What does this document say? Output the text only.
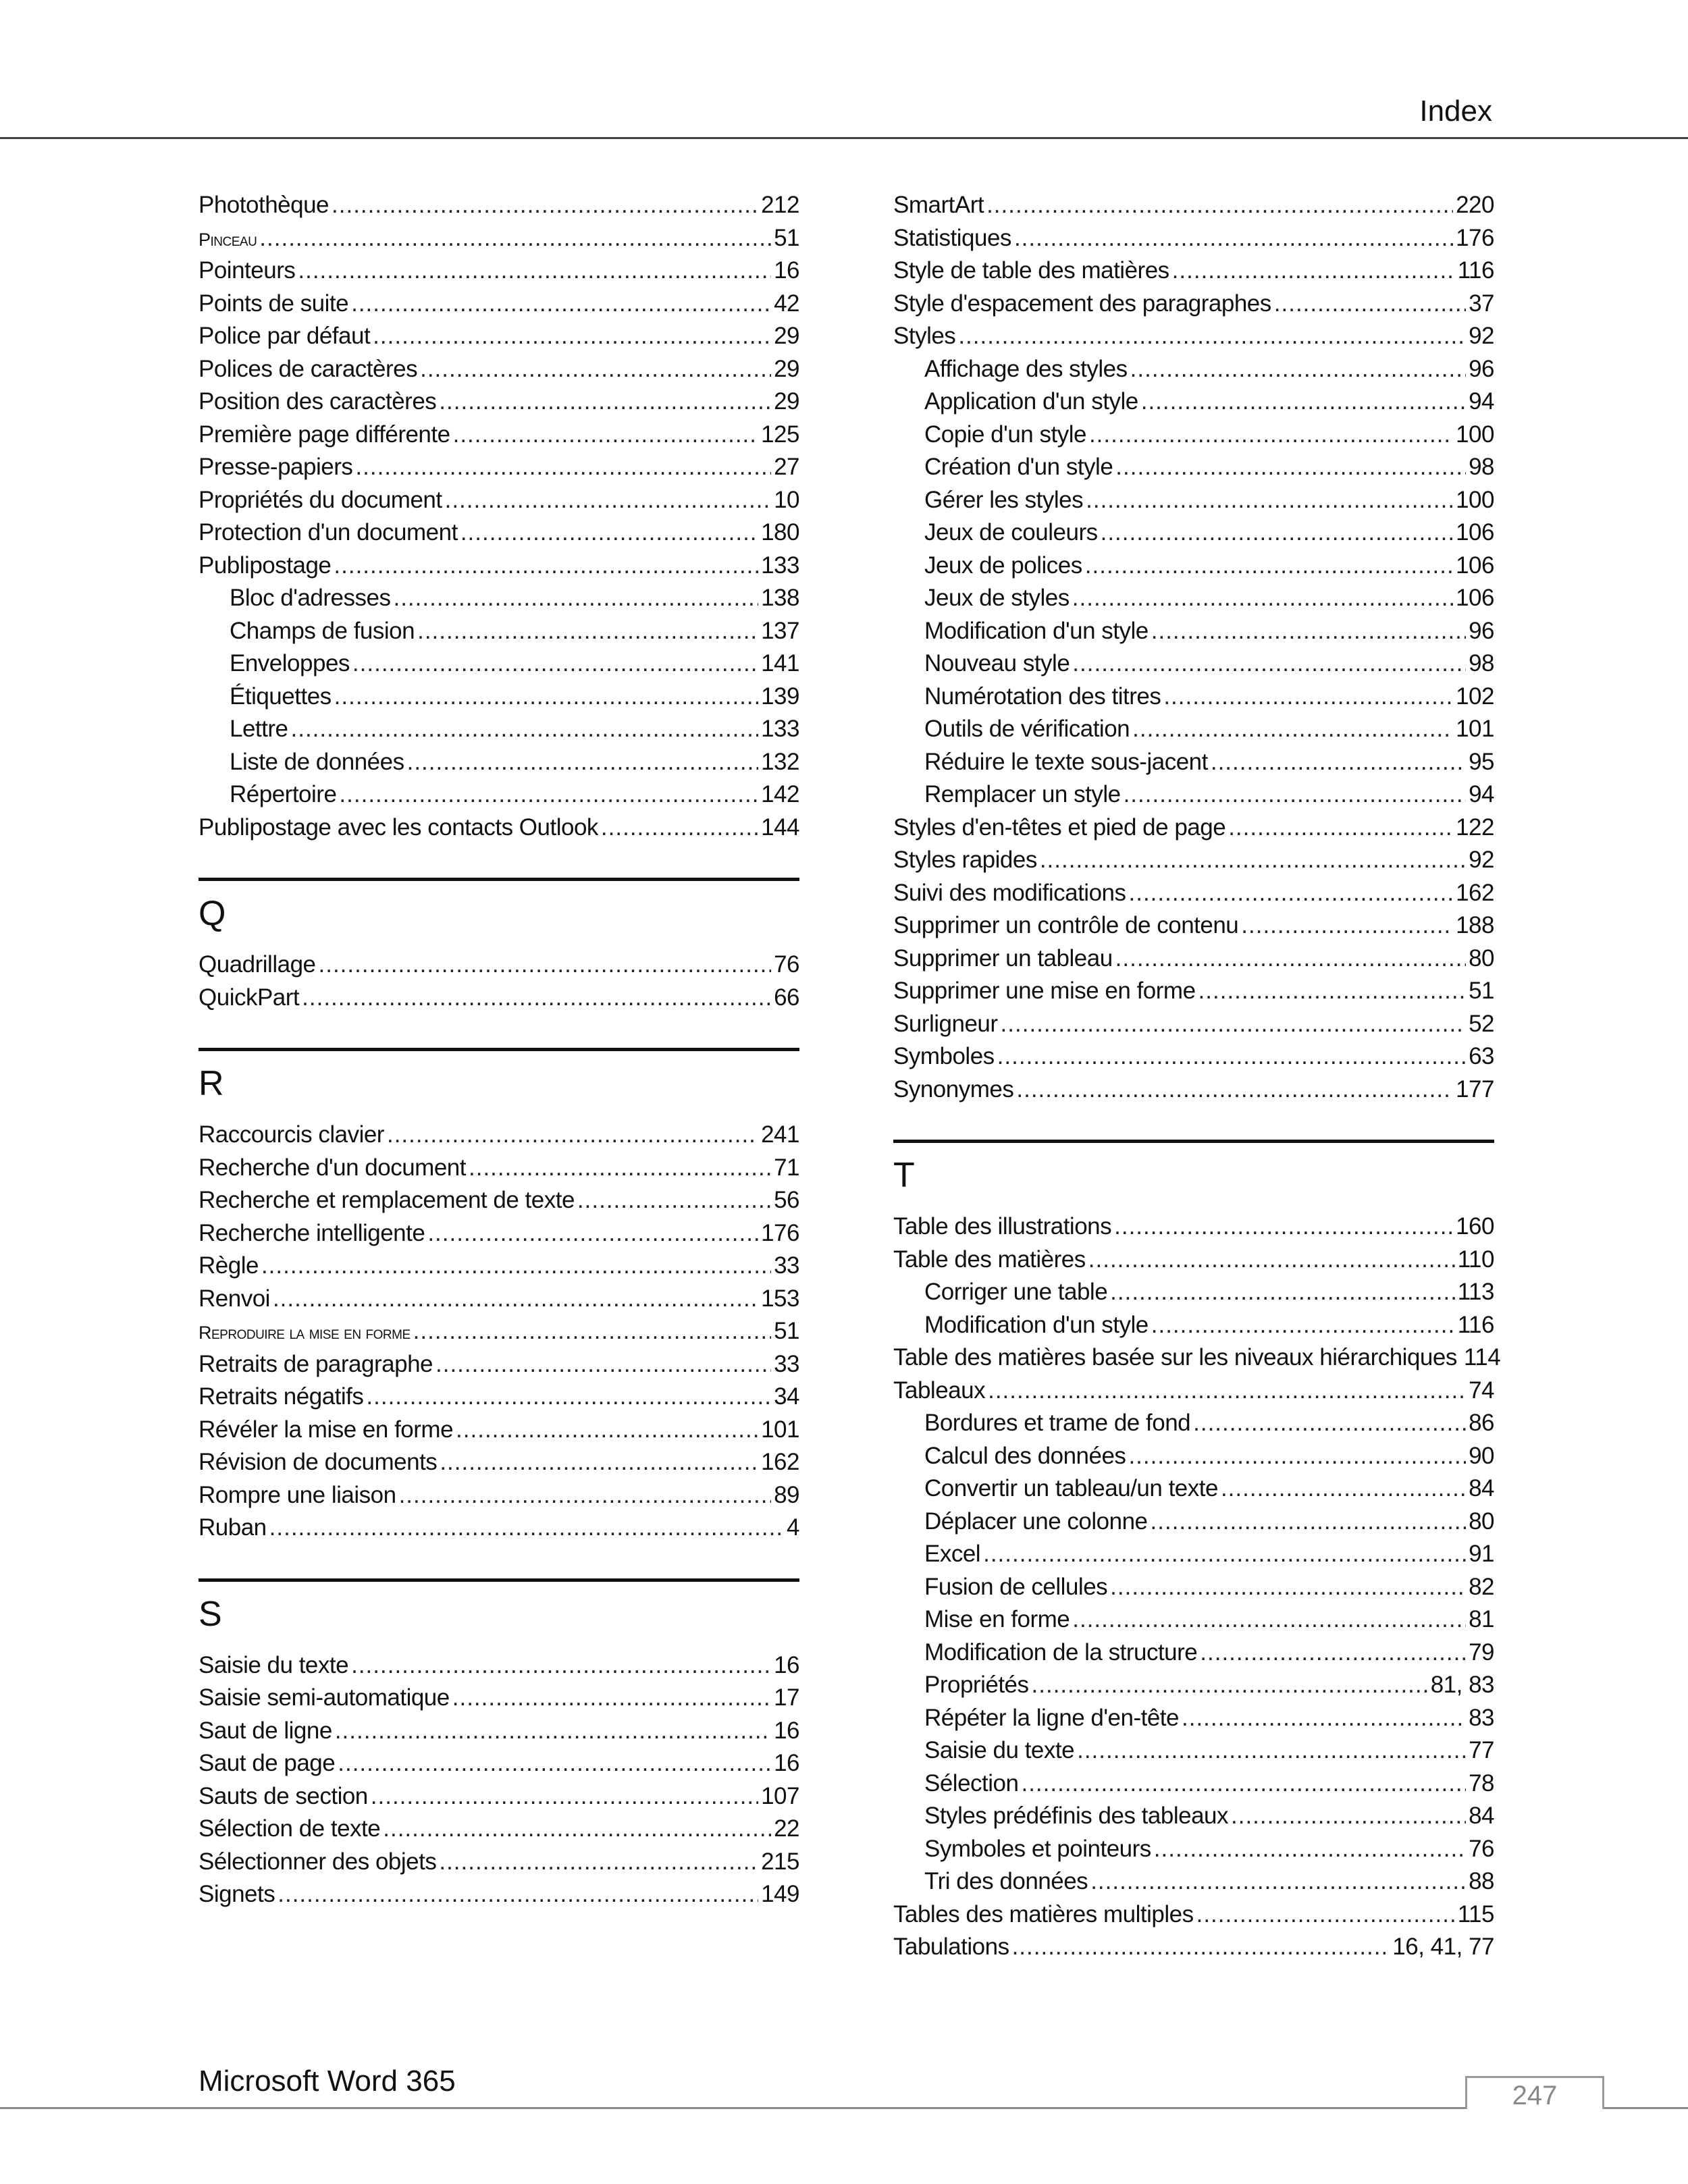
Index
Photothèque .....	212
Pinceau .....	51
Pointeurs .....	16
Points de suite .....	42
Police par défaut .....	29
Polices de caractères .....	29
Position des caractères .....	29
Première page différente .....	125
Presse-papiers .....	27
Propriétés du document .....	10
Protection d'un document .....	180
Publipostage .....	133
Bloc d'adresses .....	138
Champs de fusion .....	137
Enveloppes .....	141
Étiquettes .....	139
Lettre .....	133
Liste de données .....	132
Répertoire .....	142
Publipostage avec les contacts Outlook .....	144
Q
Quadrillage .....	76
QuickPart .....	66
R
Raccourcis clavier .....	241
Recherche d'un document .....	71
Recherche et remplacement de texte .....	56
Recherche intelligente .....	176
Règle .....	33
Renvoi .....	153
Reproduire la mise en forme .....	51
Retraits de paragraphe .....	33
Retraits négatifs .....	34
Révéler la mise en forme .....	101
Révision de documents .....	162
Rompre une liaison .....	89
Ruban .....	4
S
Saisie du texte .....	16
Saisie semi-automatique .....	17
Saut de ligne .....	16
Saut de page .....	16
Sauts de section .....	107
Sélection de texte .....	22
Sélectionner des objets .....	215
Signets .....	149
SmartArt .....	220
Statistiques .....	176
Style de table des matières .....	116
Style d'espacement des paragraphes .....	37
Styles .....	92
Affichage des styles .....	96
Application d'un style .....	94
Copie d'un style .....	100
Création d'un style .....	98
Gérer les styles .....	100
Jeux de couleurs .....	106
Jeux de polices .....	106
Jeux de styles .....	106
Modification d'un style .....	96
Nouveau style .....	98
Numérotation des titres .....	102
Outils de vérification .....	101
Réduire le texte sous-jacent .....	95
Remplacer un style .....	94
Styles d'en-têtes et pied de page .....	122
Styles rapides .....	92
Suivi des modifications .....	162
Supprimer un contrôle de contenu .....	188
Supprimer un tableau .....	80
Supprimer une mise en forme .....	51
Surligneur .....	52
Symboles .....	63
Synonymes .....	177
T
Table des illustrations .....	160
Table des matières .....	110
Corriger une table .....	113
Modification d'un style .....	116
Table des matières basée sur les niveaux hiérarchiques 114
Tableaux .....	74
Bordures et trame de fond .....	86
Calcul des données .....	90
Convertir un tableau/un texte .....	84
Déplacer une colonne .....	80
Excel .....	91
Fusion de cellules .....	82
Mise en forme .....	81
Modification de la structure .....	79
Propriétés .....	81, 83
Répéter la ligne d'en-tête .....	83
Saisie du texte .....	77
Sélection .....	78
Styles prédéfinis des tableaux .....	84
Symboles et pointeurs .....	76
Tri des données .....	88
Tables des matières multiples .....	115
Tabulations .....	16, 41, 77
Microsoft Word 365	247
